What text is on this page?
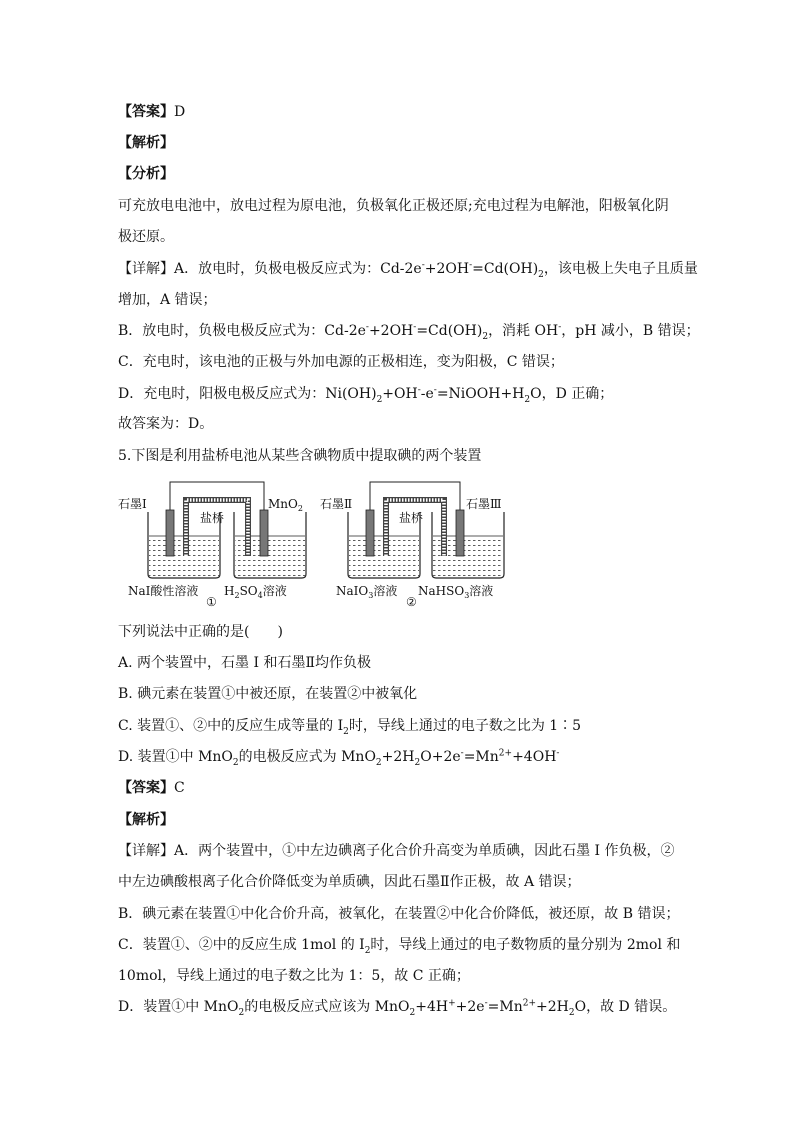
【答案】D
【解析】
【分析】
可充放电电池中，放电过程为原电池，负极氧化正极还原;充电过程为电解池，阳极氧化阴
极还原。
【详解】A．放电时，负极电极反应式为：$Cd-2e^-+2OH^-=Cd(OH)_2$，该电极上失电子且质量
增加，A 错误；
B．放电时，负极电极反应式为：$Cd-2e^-+2OH^-=Cd(OH)_2$，消耗 OH-，pH 减小，B 错误；
C．充电时，该电池的正极与外加电源的正极相连，变为阳极，C 错误；
D．充电时，阳极电极反应式为：$Ni(OH)_2+OH^--e^-=NiOOH+H_2O$，D 正确；
故答案为：D。
5.下图是利用盐桥电池从某些含碘物质中提取碘的两个装置
石墨Ⅰ	MnO$_2$
盐桥
NaI酸性溶液 $H_2SO_4$溶液
①
石墨Ⅱ	石墨Ⅲ
盐桥
NaIO$_3$溶液 NaHSO$_3$溶液
②
下列说法中正确的是(　　)
A. 两个装置中，石墨 I 和石墨Ⅱ均作负极
B. 碘元素在装置①中被还原，在装置②中被氧化
C. 装置①、②中的反应生成等量的 $I_2$时，导线上通过的电子数之比为 1∶5
D. 装置①中 MnO$_2$的电极反应式为 $MnO_2+2H_2O+2e^-=Mn^{2+}+4OH^-$
【答案】C
【解析】
【详解】A．两个装置中，①中左边碘离子化合价升高变为单质碘，因此石墨 I 作负极，②
中左边碘酸根离子化合价降低变为单质碘，因此石墨Ⅱ作正极，故 A 错误；
B．碘元素在装置①中化合价升高，被氧化，在装置②中化合价降低，被还原，故 B 错误；
C．装置①、②中的反应生成 1mol 的 $I_2$时，导线上通过的电子数物质的量分别为 2mol 和
10mol，导线上通过的电子数之比为 1：5，故 C 正确；
D．装置①中 MnO$_2$的电极反应式应该为 $MnO_2+4H^++2e^-=Mn^{2+}+2H_2O$，故 D 错误。
